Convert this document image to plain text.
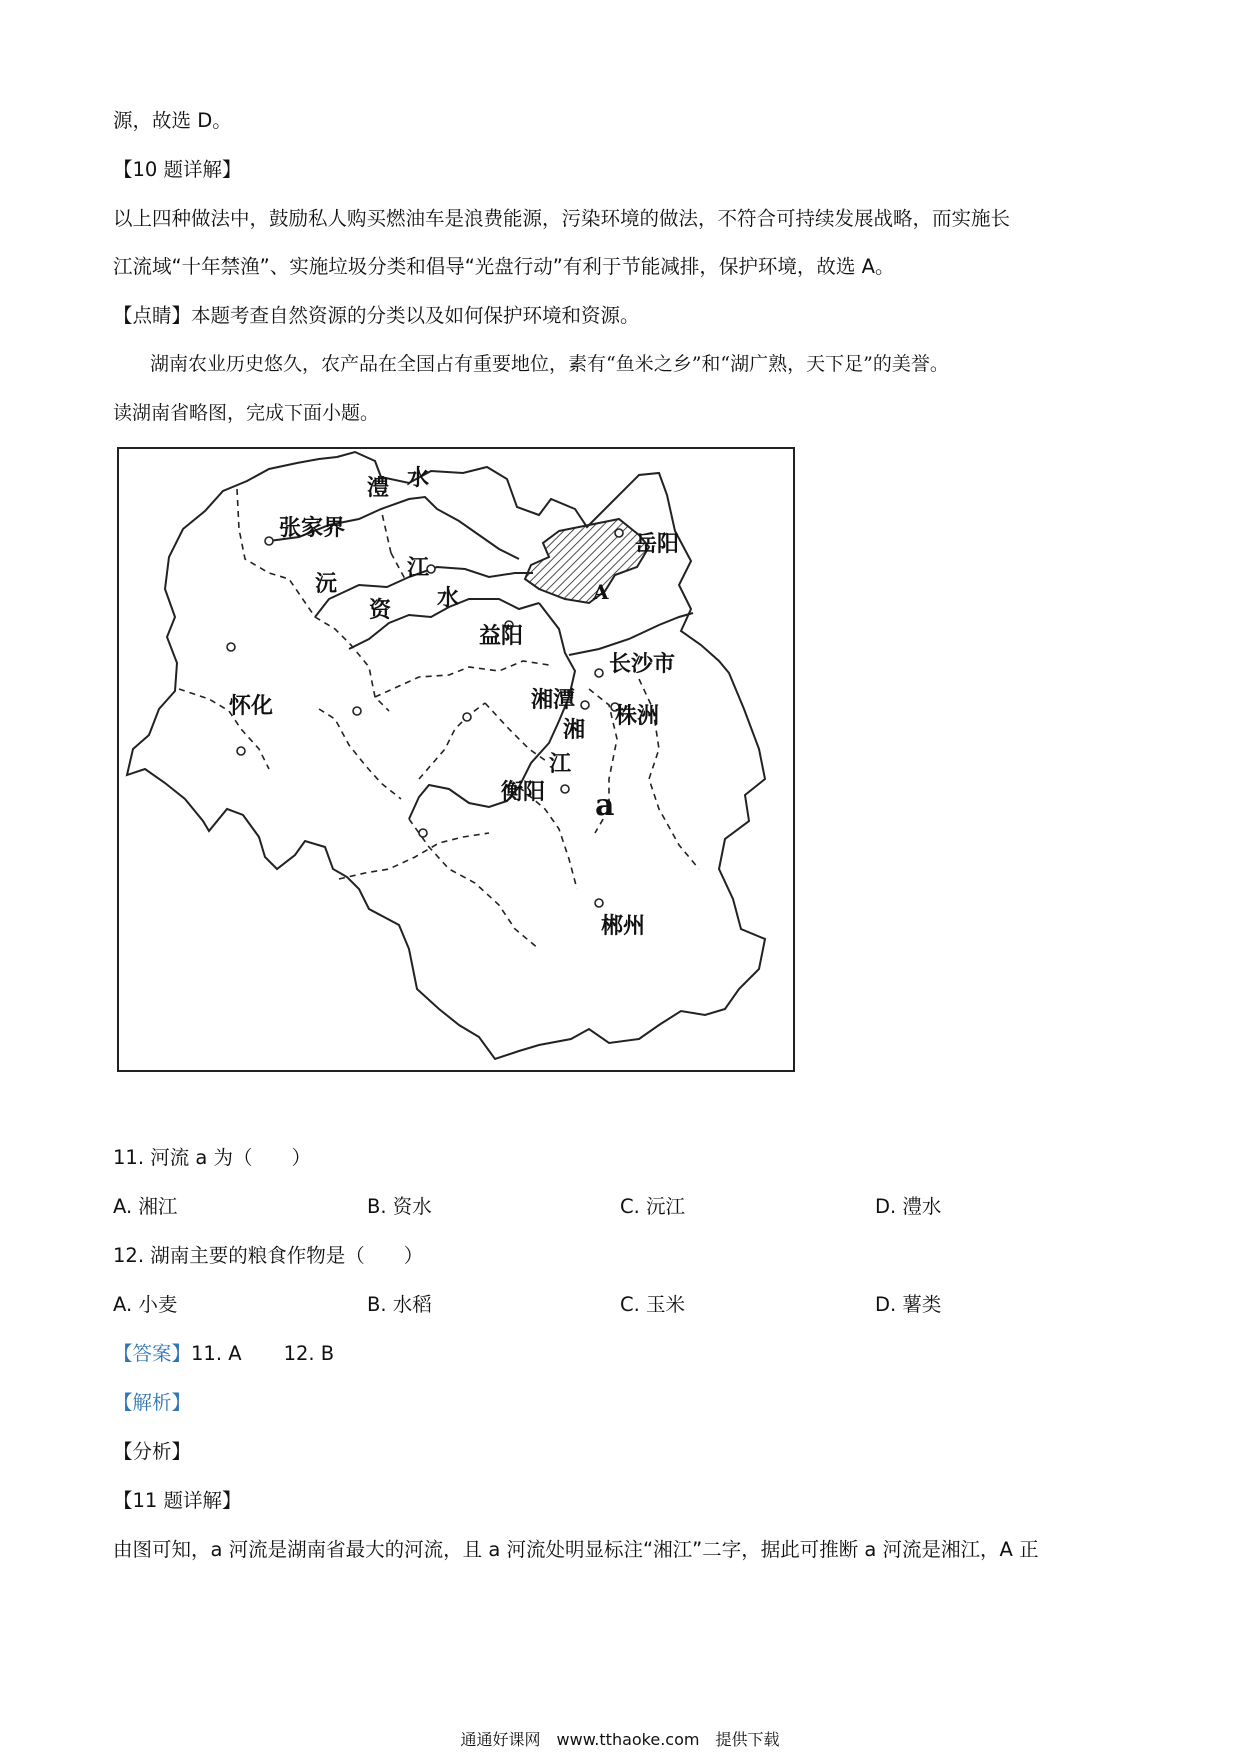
源，故选 D。
【10 题详解】
以上四种做法中，鼓励私人购买燃油车是浪费能源，污染环境的做法，不符合可持续发展战略，而实施长
江流域“十年禁渔”、实施垃圾分类和倡导“光盘行动”有利于节能减排，保护环境，故选 A。
【点睛】本题考查自然资源的分类以及如何保护环境和资源。
湖南农业历史悠久，农产品在全国占有重要地位，素有“鱼米之乡”和“湖广熟，天下足”的美誉。
读湖南省略图，完成下面小题。
澧 水
张家界
沅
江
资 水
岳阳
A
益阳
长沙市
怀化	湘潭
株洲
湘
江
衡阳 a
郴州
11. 河流 a 为（　　）
A. 湘江	B. 资水	C. 沅江	D. 澧水
12. 湖南主要的粮食作物是（　　）
A. 小麦	B. 水稻	C. 玉米	D. 薯类
【答案】11. A 12. B
【解析】
【分析】
【11 题详解】
由图可知，a 河流是湖南省最大的河流，且 a 河流处明显标注“湘江”二字，据此可推断 a 河流是湘江，A 正
通通好课网　www.tthaoke.com　提供下载
